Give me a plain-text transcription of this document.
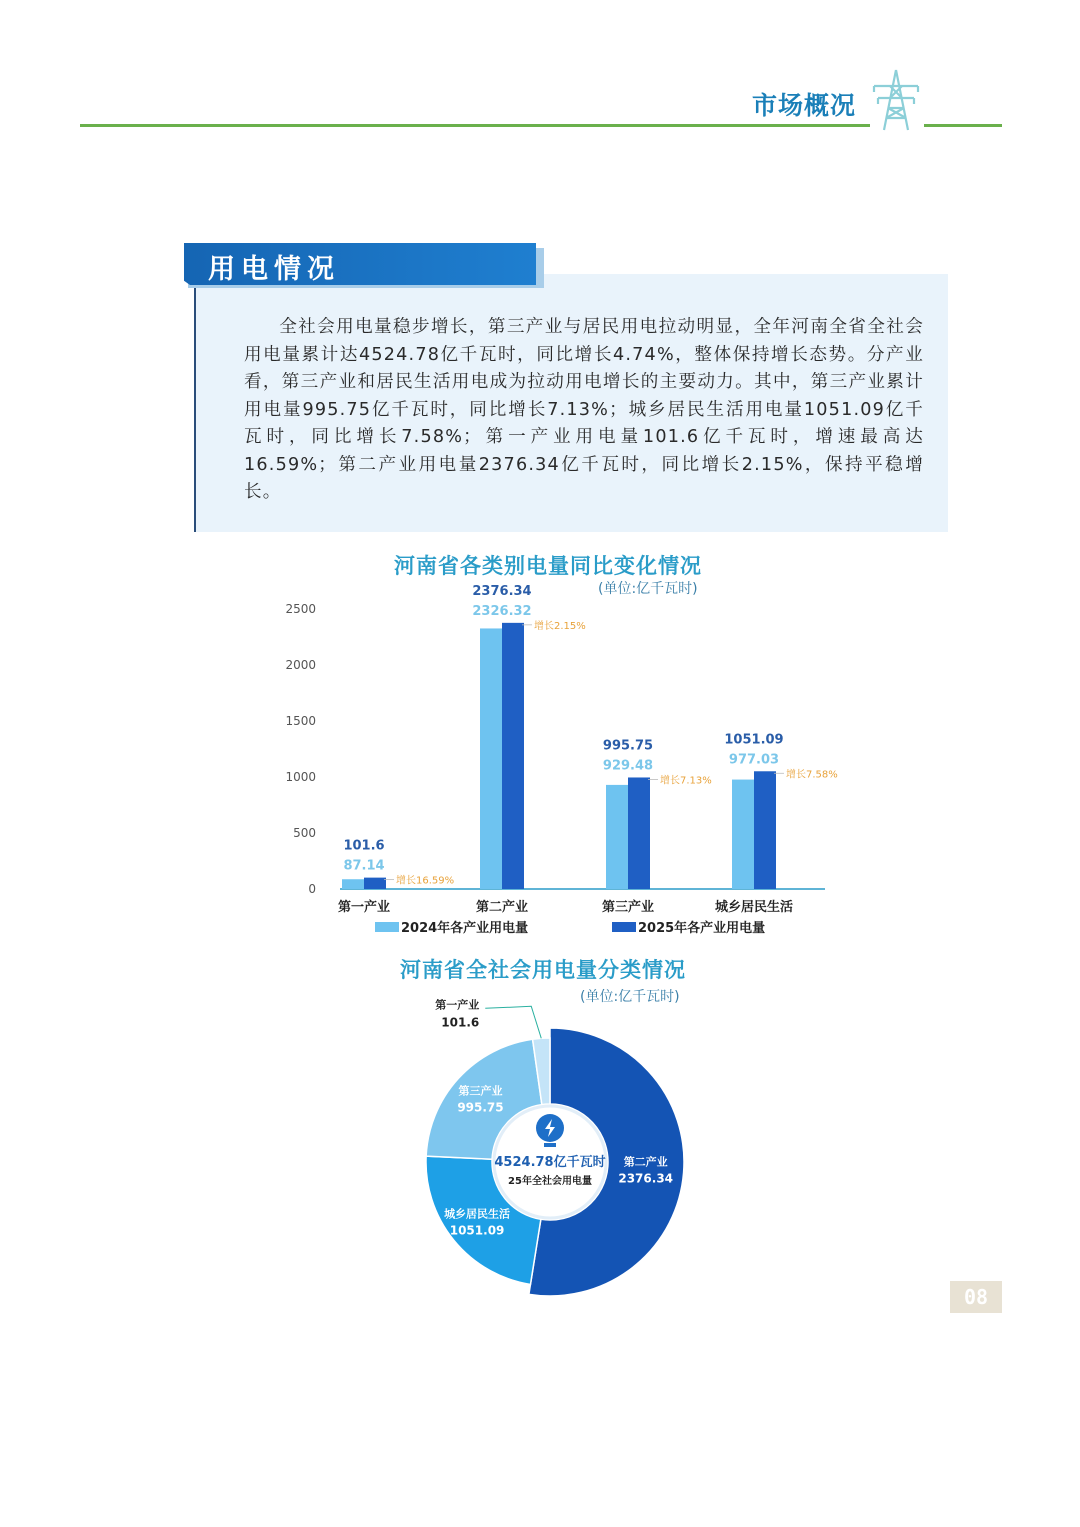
市场概况
用电情况

全社会用电量稳步增长，第三产业与居民用电拉动明显，全年河南全省全社会用电量累计达4524.78亿千瓦时，同比增长4.74%，整体保持增长态势。分产业看，第三产业和居民生活用电成为拉动用电增长的主要动力。其中，第三产业累计用电量995.75亿千瓦时，同比增长7.13%；城乡居民生活用电量1051.09亿千瓦时，同比增长7.58%；第一产业用电量101.6亿千瓦时，增速最高达16.59%；第二产业用电量2376.34亿千瓦时，同比增长2.15%，保持平稳增长。

河南省各类别电量同比变化情况
(单位:亿千瓦时)
0
500
1000
1500
2000
2500
第一产业
101.6
87.14
增长16.59%
第二产业
2376.34
2326.32
增长2.15%
第三产业
995.75
929.48
增长7.13%
城乡居民生活
1051.09
977.03
增长7.58%
2024年各产业用电量	2025年各产业用电量
河南省全社会用电量分类情况
(单位:亿千瓦时)
4524.78亿千瓦时
25年全社会用电量
第二产业
2376.34
城乡居民生活
1051.09
第三产业
995.75
第一产业
101.6
08
